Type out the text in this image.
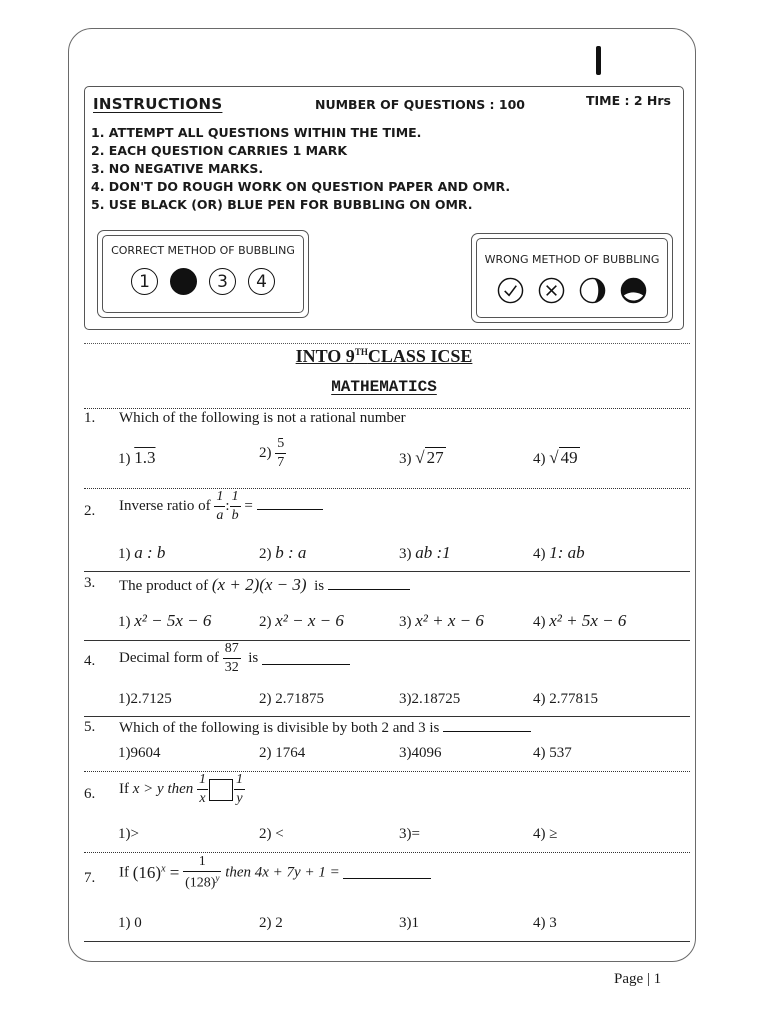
INSTRUCTIONS	NUMBER OF QUESTIONS : 100	TIME : 2 Hrs
1. ATTEMPT ALL QUESTIONS WITHIN THE TIME.
2. EACH QUESTION CARRIES 1 MARK
3. NO NEGATIVE MARKS.
4. DON'T DO ROUGH WORK ON QUESTION PAPER AND OMR.
5. USE BLACK (OR) BLUE PEN FOR BUBBLING ON OMR.
CORRECT METHOD OF BUBBLING
1	3	4
WRONG METHOD OF BUBBLING
INTO 9THCLASS ICSE
MATHEMATICS
1. Which of the following is not a rational number
1) 1.3	$2) \frac{5}{7}$	3) √ 27	4) √ 49
2. Inverse ratio of $\frac{1}{a}$ : $\frac{1}{b}$ =
1) a : b	2) b : a	3) ab :1	4) 1: ab
3. The product of (x + 2)(x − 3) is
1) x² − 5x − 6	2) x² − x − 6	3) x² + x − 6	4) x² + 5x − 6
4. Decimal form of $\frac{87}{32}$ is
1)2.7125	2) 2.71875	3)2.18725	4) 2.77815
5. Which of the following is divisible by both 2 and 3 is
1)9604	2) 1764	3)4096	4) 537
6. If x > y then $\frac{1}{x} \frac{1}{y}$
1)>	2) <	3)=	4) ≥
7. If $(16)^x = \frac{1}{(128)^y}$ then 4x + 7y + 1 =
1) 0	2) 2	3)1	4) 3
Page | 1
